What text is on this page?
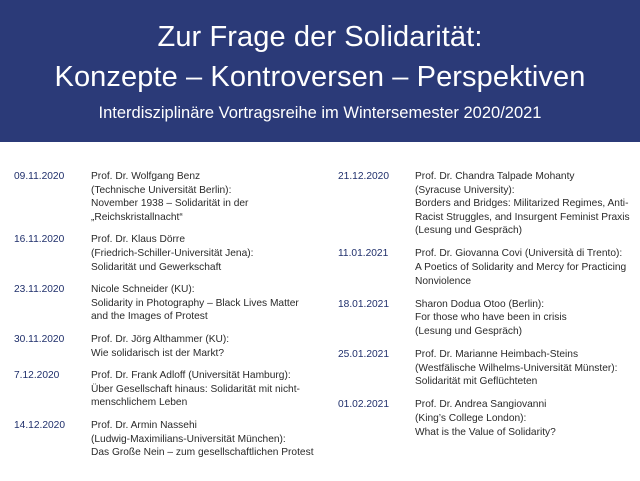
Zur Frage der Solidarität:
Konzepte – Kontroversen – Perspektiven
Interdisziplinäre Vortragsreihe im Wintersemester 2020/2021
09.11.2020	Prof. Dr. Wolfgang Benz
(Technische Universität Berlin):
November 1938 – Solidarität in der
„Reichskristallnacht“
16.11.2020	Prof. Dr. Klaus Dörre
(Friedrich-Schiller-Universität Jena):
Solidarität und Gewerkschaft
23.11.2020	Nicole Schneider (KU):
Solidarity in Photography – Black Lives Matter
and the Images of Protest
30.11.2020	Prof. Dr. Jörg Althammer (KU):
Wie solidarisch ist der Markt?
7.12.2020	Prof. Dr. Frank Adloff (Universität Hamburg):
Über Gesellschaft hinaus: Solidarität mit nicht-
menschlichem Leben
14.12.2020	Prof. Dr. Armin Nassehi
(Ludwig-Maximilians-Universität München):
Das Große Nein – zum gesellschaftlichen Protest
21.12.2020	Prof. Dr. Chandra Talpade Mohanty
(Syracuse University):
Borders and Bridges: Militarized Regimes, Anti-
Racist Struggles, and Insurgent Feminist Praxis
(Lesung und Gespräch)
11.01.2021	Prof. Dr. Giovanna Covi (Università di Trento):
A Poetics of Solidarity and Mercy for Practicing
Nonviolence
18.01.2021	Sharon Dodua Otoo (Berlin):
For those who have been in crisis
(Lesung und Gespräch)
25.01.2021	Prof. Dr. Marianne Heimbach-Steins
(Westfälische Wilhelms-Universität Münster):
Solidarität mit Geflüchteten
01.02.2021	Prof. Dr. Andrea Sangiovanni
(King’s College London):
What is the Value of Solidarity?
